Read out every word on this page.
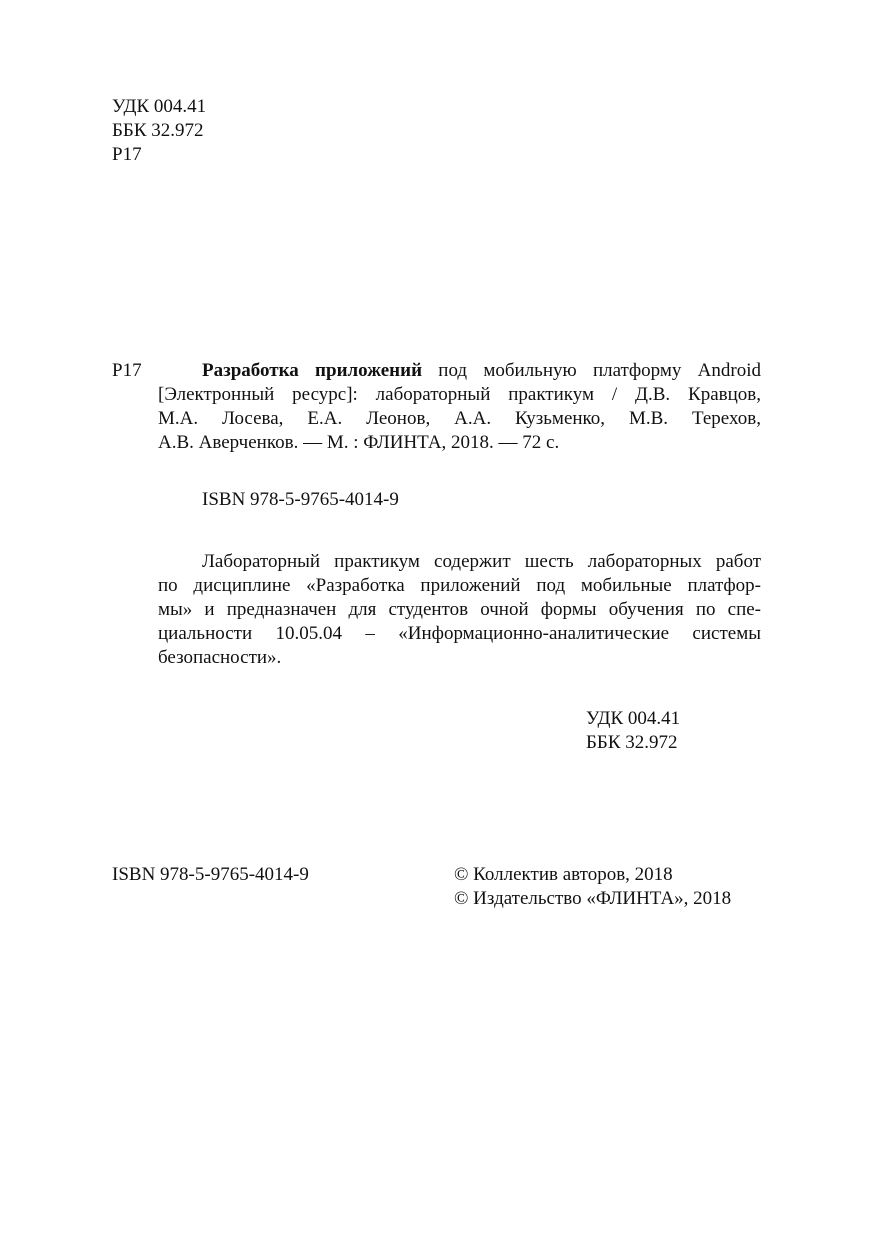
УДК 004.41
ББК 32.972
Р17
Р17	Разработка приложений под мобильную платформу Android
[Электронный ресурс]: лабораторный практикум / Д.В. Кравцов,
М.А. Лосева, Е.А. Леонов, А.А. Кузьменко, М.В. Терехов,
А.В. Аверченков. — М. : ФЛИНТА, 2018. — 72 с.
ISBN 978-5-9765-4014-9
Лабораторный практикум содержит шесть лабораторных работ
по дисциплине «Разработка приложений под мобильные платфор-
мы» и предназначен для студентов очной формы обучения по спе-
циальности 10.05.04 – «Информационно-аналитические системы
безопасности».
УДК 004.41
ББК 32.972
ISBN 978-5-9765-4014-9	© Коллектив авторов, 2018
© Издательство «ФЛИНТА», 2018
